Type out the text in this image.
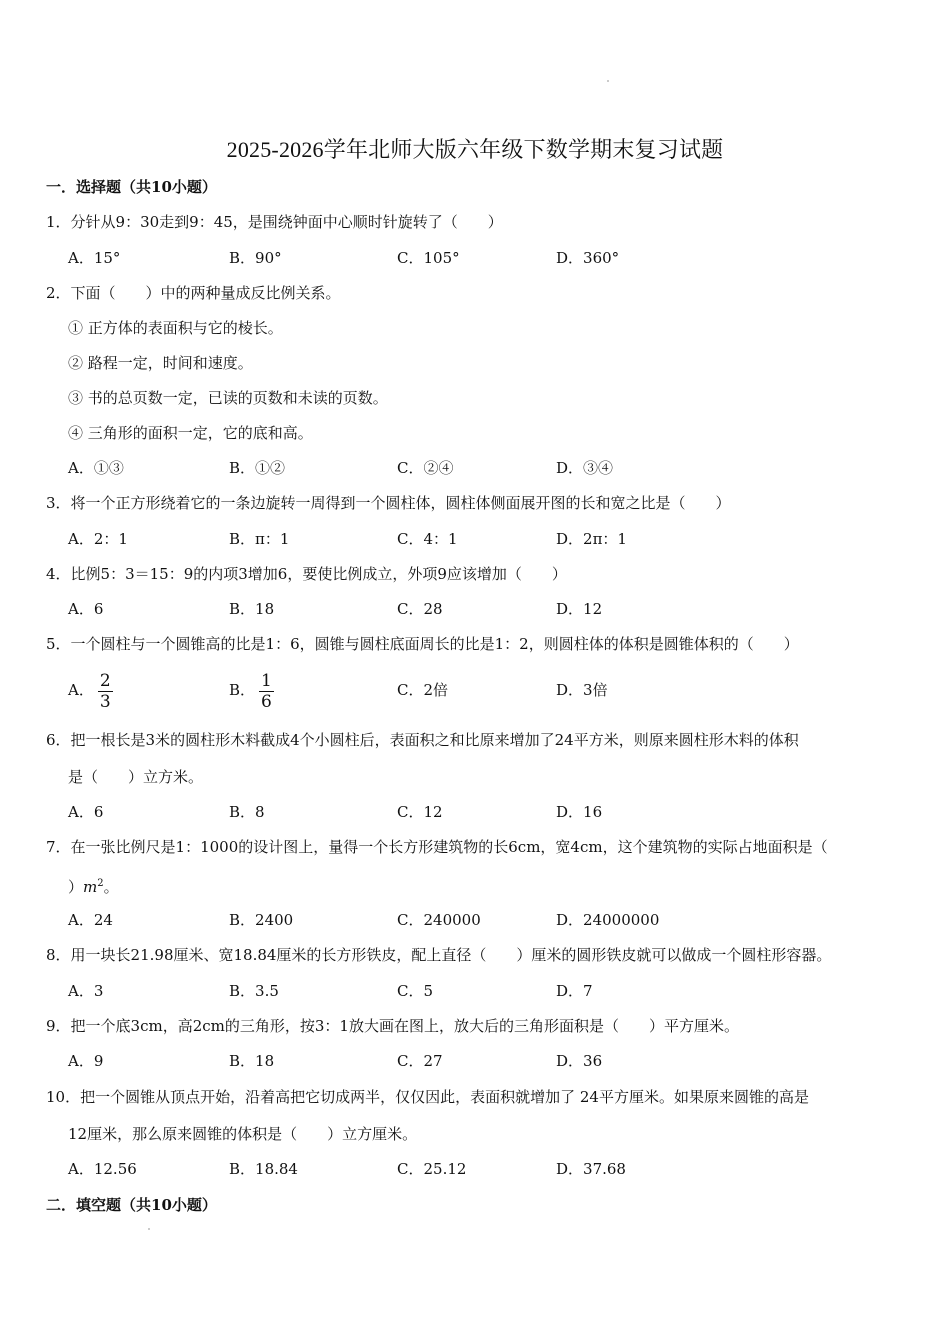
2025-2026学年北师大版六年级下数学期末复习试题
一．选择题（共10小题）
1．分针从9：30走到9：45，是围绕钟面中心顺时针旋转了（　　）
A．15°	B．90°	C．105°	D．360°
2．下面（　　）中的两种量成反比例关系。
① 正方体的表面积与它的棱长。
② 路程一定，时间和速度。
③ 书的总页数一定，已读的页数和未读的页数。
④ 三角形的面积一定，它的底和高。
A．①③	B．①②	C．②④	D．③④
3．将一个正方形绕着它的一条边旋转一周得到一个圆柱体，圆柱体侧面展开图的长和宽之比是（　　）
A．2：1	B．π：1	C．4：1	D．2π：1
4．比例5：3＝15：9的内项3增加6，要使比例成立，外项9应该增加（　　）
A．6	B．18	C．28	D．12
5．一个圆柱与一个圆锥高的比是1：6，圆锥与圆柱底面周长的比是1：2，则圆柱体的体积是圆锥体积的（　　）
A． $\frac{2}{3}$	B． $\frac{1}{6}$	C．2倍	D．3倍
6．把一根长是3米的圆柱形木料截成4个小圆柱后，表面积之和比原来增加了24平方米，则原来圆柱形木料的体积
是（　　）立方米。
A．6	B．8	C．12	D．16
7．在一张比例尺是1：1000的设计图上，量得一个长方形建筑物的长6cm，宽4cm，这个建筑物的实际占地面积是（
）$m^2$。
A．24	B．2400	C．240000	D．24000000
8．用一块长21.98厘米、宽18.84厘米的长方形铁皮，配上直径（　　）厘米的圆形铁皮就可以做成一个圆柱形容器。
A．3	B．3.5	C．5	D．7
9．把一个底3cm，高2cm的三角形，按3：1放大画在图上，放大后的三角形面积是（　　）平方厘米。
A．9	B．18	C．27	D．36
10．把一个圆锥从顶点开始，沿着高把它切成两半，仅仅因此，表面积就增加了 24平方厘米。如果原来圆锥的高是
12厘米，那么原来圆锥的体积是（　　）立方厘米。
A．12.56	B．18.84	C．25.12	D．37.68
二．填空题（共10小题）
